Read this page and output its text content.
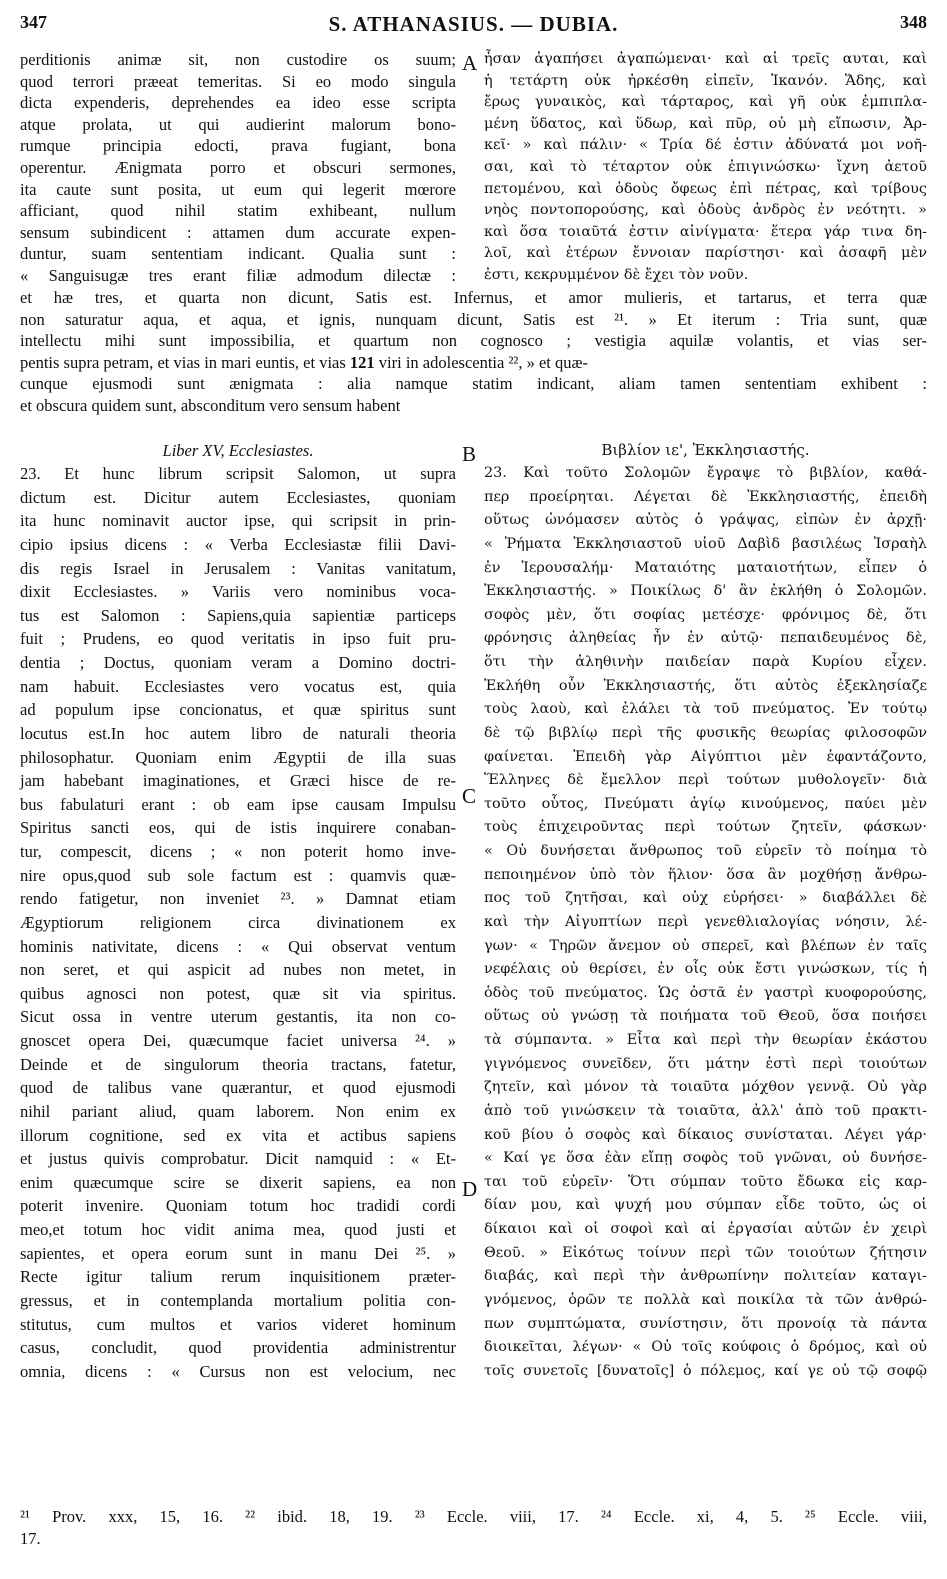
347	S. ATHANASIUS. — DUBIA.	348
perditionis animæ sit, non custodire os suum;
quod terrori præeat temeritas. Si eo modo singula
dicta expenderis, deprehendes ea ideo esse scripta
atque prolata, ut qui audierint malorum bono-
rumque principia edocti, prava fugiant, bona
operentur. Ænigmata porro et obscuri sermones,
ita caute sunt posita, ut eum qui legerit mœrore
afficiant, quod nihil statim exhibeant, nullum
sensum subindicent : attamen dum accurate expen-
duntur, suam sententiam indicant. Qualia sunt :
« Sanguisugæ tres erant filiæ admodum dilectæ :
A ἦσαν ἀγαπήσει ἀγαπώμεναι· καὶ αἱ τρεῖς αυται, καὶ
ἡ τετάρτη οὐκ ἠρκέσθη εἰπεῖν, Ἱκανόν. Ἅδης, καὶ
ἔρως γυναικὸς, καὶ τάρταρος, καὶ γῆ οὐκ ἐμπιπλα-
μένη ὕδατος, καὶ ὕδωρ, καὶ πῦρ, οὐ μὴ εἴπωσιν, Ἀρ-
κεῖ· » καὶ πάλιν· « Τρία δέ ἐστιν ἀδύνατά μοι νοῆ-
σαι, καὶ τὸ τέταρτον οὐκ ἐπιγινώσκω· ἴχνη ἀετοῦ
πετομένου, καὶ ὁδοὺς ὄφεως ἐπὶ πέτρας, καὶ τρίβους
νηὸς ποντοπορούσης, καὶ ὁδοὺς ἀνδρὸς ἐν νεότητι. »
καὶ ὅσα τοιαῦτά ἐστιν αἰνίγματα· ἕτερα γάρ τινα δη-
λοῖ, καὶ ἑτέρων ἔννοιαν παρίστησι· καὶ ἀσαφῆ μὲν
ἐστι, κεκρυμμένον δὲ ἔχει τὸν νοῦν.
et hæ tres, et quarta non dicunt, Satis est. Infernus, et amor mulieris, et tartarus, et terra quæ
non saturatur aqua, et aqua, et ignis, nunquam dicunt, Satis est ²¹. » Et iterum : Tria sunt, quæ
intellectu mihi sunt impossibilia, et quartum non cognosco ; vestigia aquilæ volantis, et vias ser-
pentis supra petram, et vias in mari euntis, et vias 121 viri in adolescentia ²², » et quæ-
cunque ejusmodi sunt ænigmata : alia namque statim indicant, aliam tamen sententiam exhibent :
et obscura quidem sunt, absconditum vero sensum habent
Liber XV, Ecclesiastes.	B	Βιβλίον ιε', Ἐκκλησιαστής.
23. Et hunc librum scripsit Salomon, ut supra
dictum est. Dicitur autem Ecclesiastes, quoniam
ita hunc nominavit auctor ipse, qui scripsit in prin-
cipio ipsius dicens : « Verba Ecclesiastæ filii Davi-
dis regis Israel in Jerusalem : Vanitas vanitatum,
dixit Ecclesiastes. » Variis vero nominibus voca-
tus est Salomon : Sapiens,quia sapientiæ particeps
fuit ; Prudens, eo quod veritatis in ipso fuit pru-
dentia ; Doctus, quoniam veram a Domino doctri-
nam habuit. Ecclesiastes vero vocatus est, quia
ad populum ipse concionatus, et quæ spiritus sunt
locutus est.In hoc autem libro de naturali theoria
philosophatur. Quoniam enim Ægyptii de illa suas
jam habebant imaginationes, et Græci hisce de re-
bus fabulaturi erant : ob eam ipse causam Impulsu
Spiritus sancti eos, qui de istis inquirere conaban-
tur, compescit, dicens ; « non poterit homo inve-
nire opus,quod sub sole factum est : quamvis quæ-
rendo fatigetur, non inveniet ²³. » Damnat etiam
Ægyptiorum religionem circa divinationem ex
hominis nativitate, dicens : « Qui observat ventum
non seret, et qui aspicit ad nubes non metet, in
quibus agnosci non potest, quæ sit via spiritus.
Sicut ossa in ventre uterum gestantis, ita non co-
gnoscet opera Dei, quæcumque faciet universa ²⁴. »
Deinde et de singulorum theoria tractans, fatetur,
quod de talibus vane quærantur, et quod ejusmodi
nihil pariant aliud, quam laborem. Non enim ex
illorum cognitione, sed ex vita et actibus sapiens
et justus quivis comprobatur. Dicit namquid : « Et-
enim quæcumque scire se dixerit sapiens, ea non
poterit invenire. Quoniam totum hoc tradidi cordi
meo,et totum hoc vidit anima mea, quod justi et
sapientes, et opera eorum sunt in manu Dei ²⁵. »
Recte igitur talium rerum inquisitionem præter-
gressus, et in contemplanda mortalium politia con-
stitutus, cum multos et varios videret hominum
casus, concludit, quod providentia administrentur
omnia, dicens : « Cursus non est velocium, nec
C
D
23. Καὶ τοῦτο Σολομῶν ἔγραψε τὸ βιβλίον, καθά-
περ προείρηται. Λέγεται δὲ Ἐκκλησιαστής, ἐπειδὴ
οὕτως ὠνόμασεν αὐτὸς ὁ γράψας, εἰπὼν ἐν ἀρχῇ·
« Ῥήματα Ἐκκλησιαστοῦ υἱοῦ Δαβὶδ βασιλέως Ἰσραὴλ
ἐν Ἱερουσαλήμ· Ματαιότης ματαιοτήτων, εἶπεν ὁ
Ἐκκλησιαστής. » Ποικίλως δ' ἂν ἐκλήθη ὁ Σολομῶν.
σοφὸς μὲν, ὅτι σοφίας μετέσχε· φρόνιμος δὲ, ὅτι
φρόνησις ἀληθείας ἦν ἐν αὐτῷ· πεπαιδευμένος δὲ,
ὅτι τὴν ἀληθινὴν παιδείαν παρὰ Κυρίου εἶχεν.
Ἐκλήθη οὖν Ἐκκλησιαστής, ὅτι αὐτὸς ἐξεκλησίαζε
τοὺς λαοὺ, καὶ ἐλάλει τὰ τοῦ πνεύματος. Ἐν τούτῳ
δὲ τῷ βιβλίῳ περὶ τῆς φυσικῆς θεωρίας φιλοσοφῶν
φαίνεται. Ἐπειδὴ γὰρ Αἰγύπτιοι μὲν ἐφαντάζοντο,
Ἕλληνες δὲ ἔμελλον περὶ τούτων μυθολογεῖν· διὰ
τοῦτο οὗτος, Πνεύματι ἁγίῳ κινούμενος, παύει μὲν
τοὺς ἐπιχειροῦντας περὶ τούτων ζητεῖν, φάσκων·
« Οὐ δυνήσεται ἄνθρωπος τοῦ εὑρεῖν τὸ ποίημα τὸ
πεποιημένον ὑπὸ τὸν ἥλιον· ὅσα ἂν μοχθήσῃ ἄνθρω-
πος τοῦ ζητῆσαι, καὶ οὐχ εὑρήσει· » διαβάλλει δὲ
καὶ τὴν Αἰγυπτίων περὶ γενεθλιαλογίας νόησιν, λέ-
γων· « Τηρῶν ἄνεμον οὐ σπερεῖ, καὶ βλέπων ἐν ταῖς
νεφέλαις οὐ θερίσει, ἐν οἷς οὐκ ἔστι γινώσκων, τίς ἡ
ὁδὸς τοῦ πνεύματος. Ὡς ὀστᾶ ἐν γαστρὶ κυοφορούσης,
οὕτως οὐ γνώσῃ τὰ ποιήματα τοῦ Θεοῦ, ὅσα ποιήσει
τὰ σύμπαντα. » Εἶτα καὶ περὶ τὴν θεωρίαν ἑκάστου
γιγνόμενος συνεῖδεν, ὅτι μάτην ἐστὶ περὶ τοιούτων
ζητεῖν, καὶ μόνον τὰ τοιαῦτα μόχθον γεννᾷ. Οὐ γὰρ
ἀπὸ τοῦ γινώσκειν τὰ τοιαῦτα, ἀλλ' ἀπὸ τοῦ πρακτι-
κοῦ βίου ὁ σοφὸς καὶ δίκαιος συνίσταται. Λέγει γάρ·
« Καί γε ὅσα ἐὰν εἴπῃ σοφὸς τοῦ γνῶναι, οὐ δυνήσε-
ται τοῦ εὑρεῖν· Ὅτι σύμπαν τοῦτο ἔδωκα εἰς καρ-
δίαν μου, καὶ ψυχή μου σύμπαν εἶδε τοῦτο, ὡς οἱ
δίκαιοι καὶ οἱ σοφοὶ καὶ αἱ ἐργασίαι αὐτῶν ἐν χειρὶ
Θεοῦ. » Εἰκότως τοίνυν περὶ τῶν τοιούτων ζήτησιν
διαβάς, καὶ περὶ τὴν ἀνθρωπίνην πολιτείαν καταγι-
γνόμενος, ὁρῶν τε πολλὰ καὶ ποικίλα τὰ τῶν ἀνθρώ-
πων συμπτώματα, συνίστησιν, ὅτι προνοίᾳ τὰ πάντα
διοικεῖται, λέγων· « Οὐ τοῖς κούφοις ὁ δρόμος, καὶ οὐ
τοῖς συνετοῖς [δυνατοῖς] ὁ πόλεμος, καί γε οὐ τῷ σοφῷ
²¹ Prov. xxx, 15, 16. ²² ibid. 18, 19. ²³ Eccle. viii, 17. ²⁴ Eccle. xi, 4, 5. ²⁵ Eccle. viii,
17.
